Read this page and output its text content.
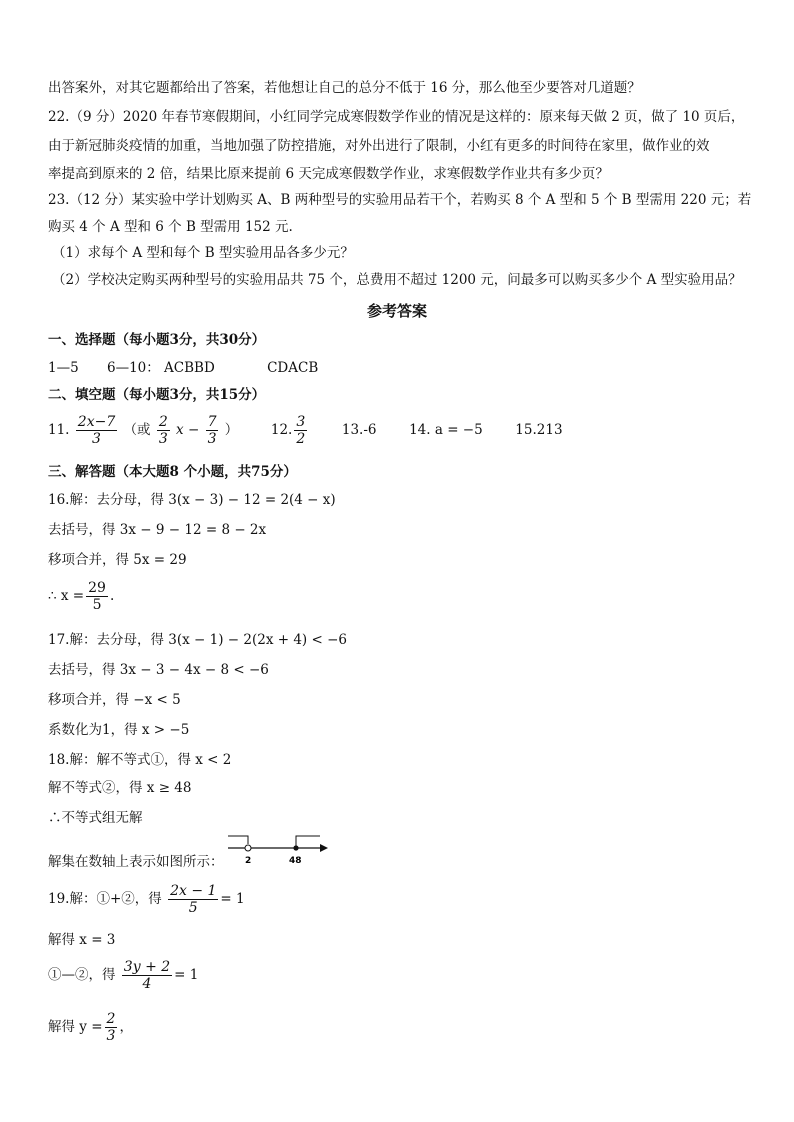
出答案外，对其它题都给出了答案，若他想让自己的总分不低于 16 分，那么他至少要答对几道题？
22.（9 分）2020 年春节寒假期间，小红同学完成寒假数学作业的情况是这样的：原来每天做 2 页，做了 10 页后，
由于新冠肺炎疫情的加重，当地加强了防控措施，对外出进行了限制，小红有更多的时间待在家里，做作业的效
率提高到原来的 2 倍，结果比原来提前 6 天完成寒假数学作业，求寒假数学作业共有多少页？
23.（12 分）某实验中学计划购买 A、B 两种型号的实验用品若干个，若购买 8 个 A 型和 5 个 B 型需用 220 元；若
购买 4 个 A 型和 6 个 B 型需用 152 元.
（1）求每个 A 型和每个 B 型实验用品各多少元？
（2）学校决定购买两种型号的实验用品共 75 个，总费用不超过 1200 元，问最多可以购买多少个 A 型实验用品？
参考答案
一、选择题（每小题3分，共30分）
1—5 6—10： ACBBD	CDACB
二、填空题（每小题3分，共15分）
11. $\frac{2x-7}{3}$ （或 $\frac{2}{3}$ $x - \frac{7}{3}$ ） 12. $\frac{3}{2}$	13.-6 14. a = −5 15.213
三、解答题（本大题8 个小题，共75分）
16.解：去分母，得 3(x − 3) − 12 = 2(4 − x)
去括号，得 3x − 9 − 12 = 8 − 2x
移项合并，得 5x = 29
∴ $x = \frac{29}{5}$ .
17.解：去分母，得 3(x − 1) − 2(2x + 4) < −6
去括号，得 3x − 3 − 4x − 8 < −6
移项合并，得 −x < 5
系数化为1，得 x > −5
18.解：解不等式①，得 x < 2
解不等式②，得 x ≥ 48
∴不等式组无解
解集在数轴上表示如图所示： 2	48
19.解：①+②，得 $\frac{2x - 1}{5} = 1$
解得 x = 3
①—②，得 $\frac{3y + 2}{4} = 1$
解得 $y = \frac{2}{3}$ ，
